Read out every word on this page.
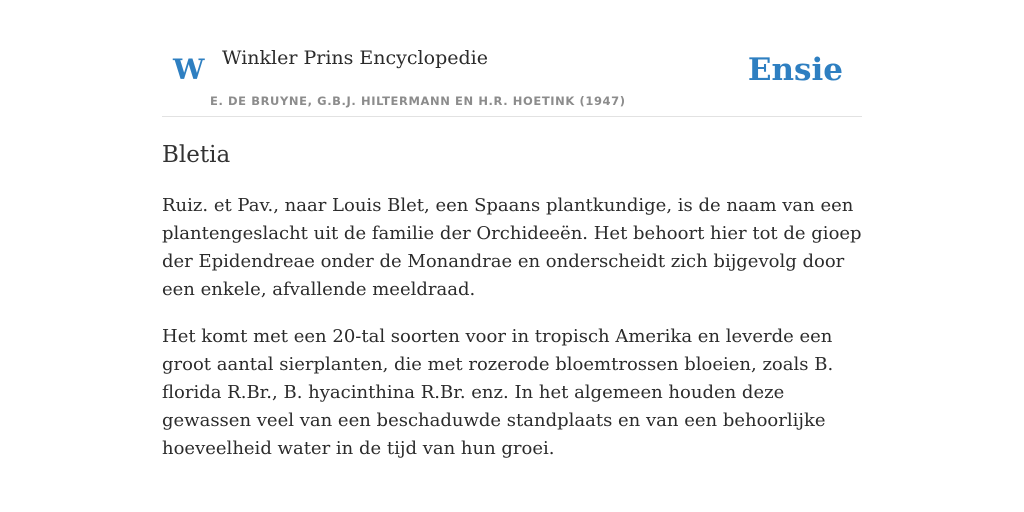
W Winkler Prins Encyclopedie
E. DE BRUYNE, G.B.J. HILTERMANN EN H.R. HOETINK (1947)
Ensie
Bletia

Ruiz. et Pav., naar Louis Blet, een Spaans plantkundige, is de naam van een plantengeslacht uit de familie der Orchideeën. Het behoort hier tot de gioep der Epidendreae onder de Monandrae en onderscheidt zich bijgevolg door een enkele, afvallende meeldraad.

Het komt met een 20-tal soorten voor in tropisch Amerika en leverde een groot aantal sierplanten, die met rozerode bloemtrossen bloeien, zoals B. florida R.Br., B. hyacinthina R.Br. enz. In het algemeen houden deze gewassen veel van een beschaduwde standplaats en van een behoorlijke hoeveelheid water in de tijd van hun groei.
